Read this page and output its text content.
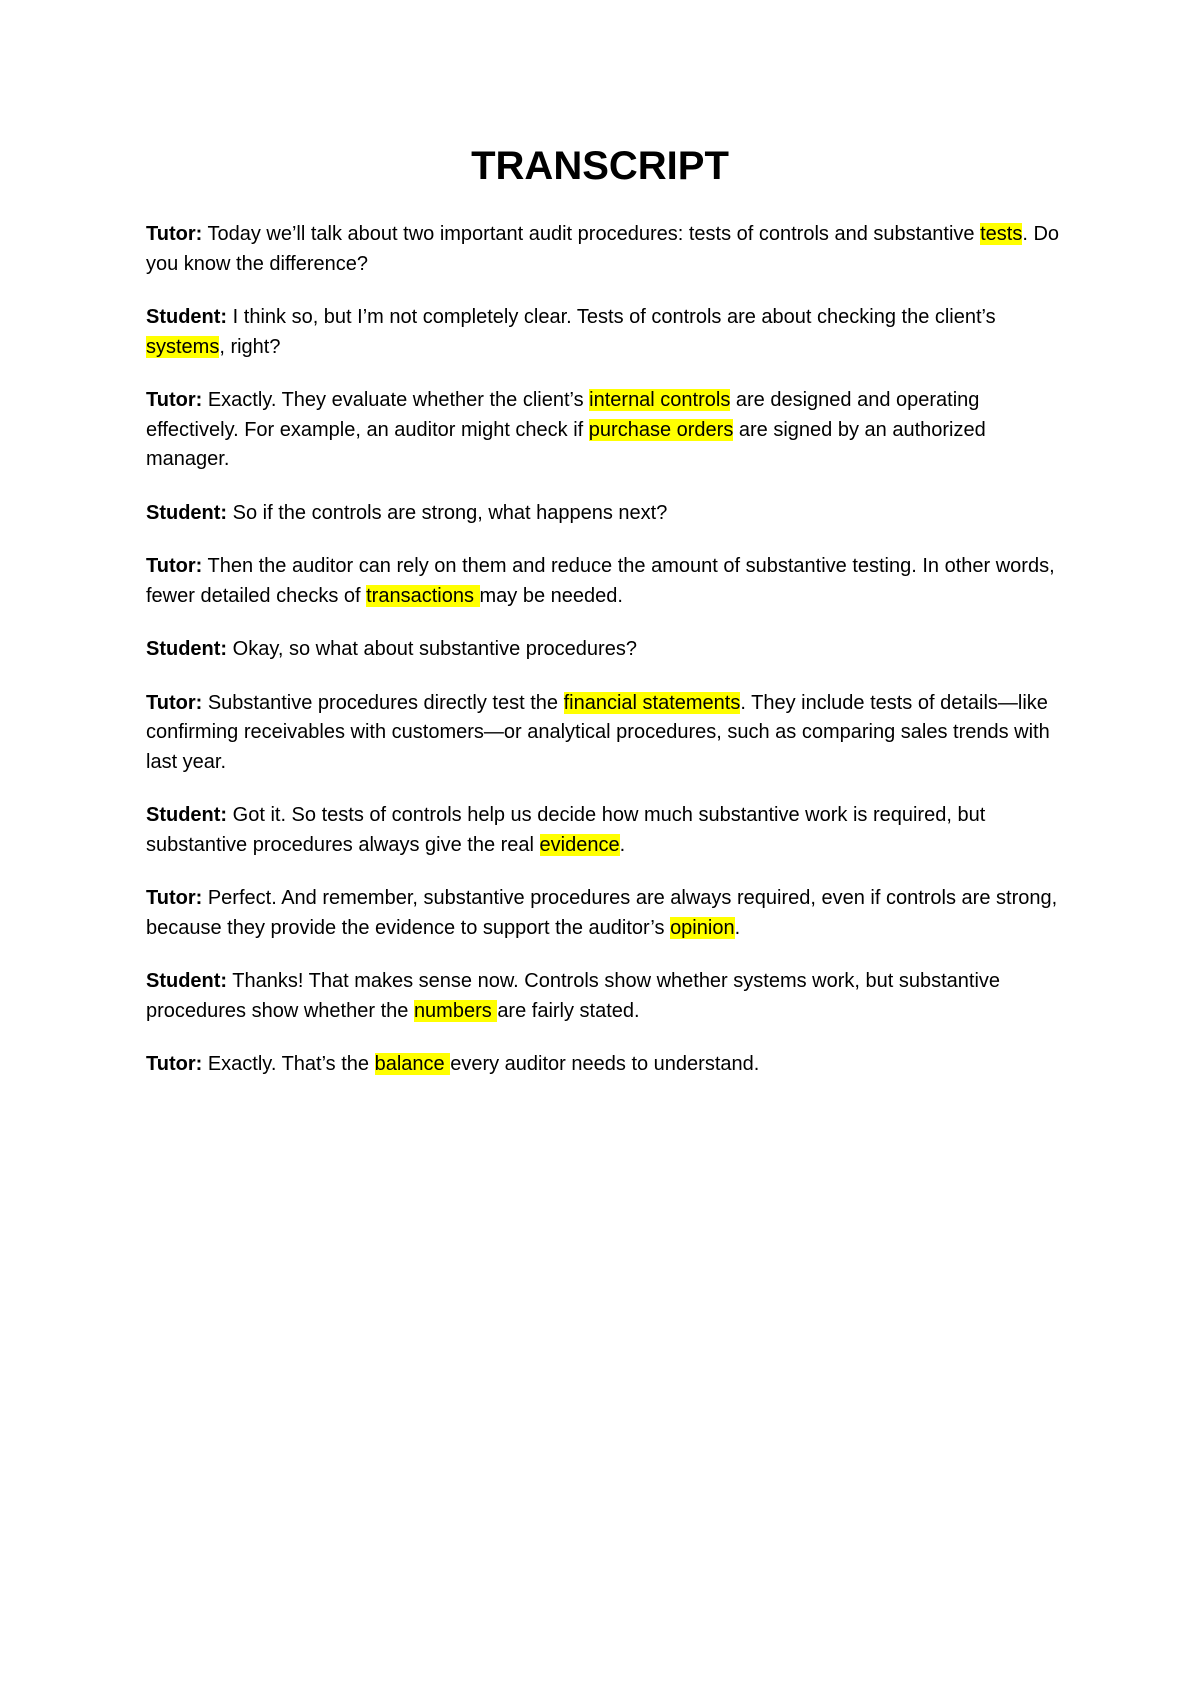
TRANSCRIPT

Tutor: Today we’ll talk about two important audit procedures: tests of controls and substantive tests. Do you know the difference?

Student: I think so, but I’m not completely clear. Tests of controls are about checking the client’s systems, right?

Tutor: Exactly. They evaluate whether the client’s internal controls are designed and operating effectively. For example, an auditor might check if purchase orders are signed by an authorized manager.

Student: So if the controls are strong, what happens next?

Tutor: Then the auditor can rely on them and reduce the amount of substantive testing. In other words, fewer detailed checks of transactions may be needed.

Student: Okay, so what about substantive procedures?

Tutor: Substantive procedures directly test the financial statements. They include tests of details—like confirming receivables with customers—or analytical procedures, such as comparing sales trends with last year.

Student: Got it. So tests of controls help us decide how much substantive work is required, but substantive procedures always give the real evidence.

Tutor: Perfect. And remember, substantive procedures are always required, even if controls are strong, because they provide the evidence to support the auditor’s opinion.

Student: Thanks! That makes sense now. Controls show whether systems work, but substantive procedures show whether the numbers are fairly stated.

Tutor: Exactly. That’s the balance every auditor needs to understand.
